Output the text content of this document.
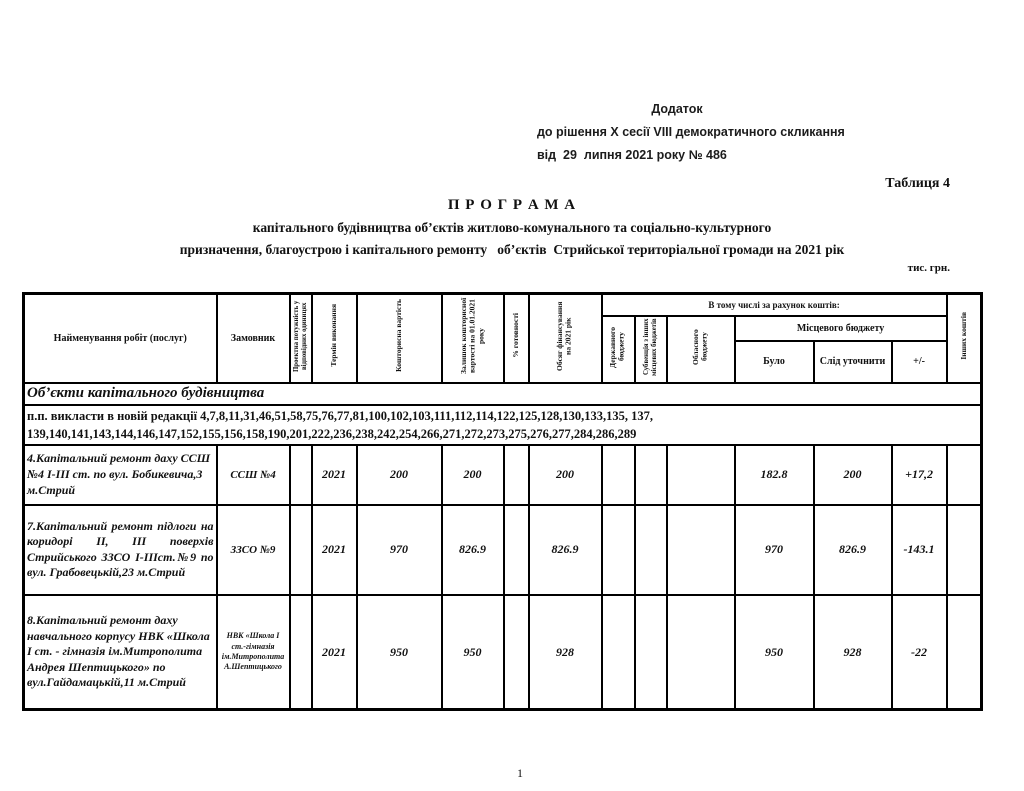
Додаток
до рішення X сесії VIII демократичного скликання
від  29  липня 2021 року № 486
Таблиця 4
П Р О Г Р А М А
капітального будівництва об’єктів житлово-комунального та соціально-культурного
призначення, благоустрою і капітального ремонту   об’єктів  Стрийської територіальної громади на 2021 рік
тис. грн.
Найменування робіт (послуг)	Замовник	Проектна потужність у відповідних одиницях	Термін виконання	Кошторисна вартість	Залишок кошторисної вартості на 01.01.2021 року	% готовності	Обсяг фінансування на 2021 рік	В тому числі за рахунок коштів:						Інших коштів
								Державного бюджету	Субвенція з інших місцевих бюджетів	Обласного бюджету	Місцевого бюджету			
											Було	Слід уточнити	+/-	
Об’єкти капітального будівництва														

п.п. викласти в новій редакції 4,7,8,11,31,46,51,58,75,76,77,81,100,102,103,111,112,114,122,125,128,130,133,135, 137,
139,140,141,143,144,146,147,152,155,156,158,190,201,222,236,238,242,254,266,271,272,273,275,276,277,284,286,289														

4.Капітальний ремонт даху ССШ №4 І-ІІІ ст. по вул. Бобикевича,3 м.Стрий	ССШ №4		2021	200	200		200				182.8	200	+17,2	
7.Капітальний ремонт підлоги на коридорі ІІ, ІІІ поверхів Стрийського ЗЗСО І-ІІІст.№9 по вул. Грабовецькій,23 м.Стрий	ЗЗСО №9		2021	970	826.9		826.9				970	826.9	-143.1	
8.Капітальний ремонт даху навчального корпусу НВК «Школа І ст. - гімназія ім.Митрополита Андрея Шептицького» по вул.Гайдамацькій,11 м.Стрий	НВК «Школа І ст.-гімназія ім.Митрополита А.Шептицького		2021	950	950		928				950	928	-22	
1
